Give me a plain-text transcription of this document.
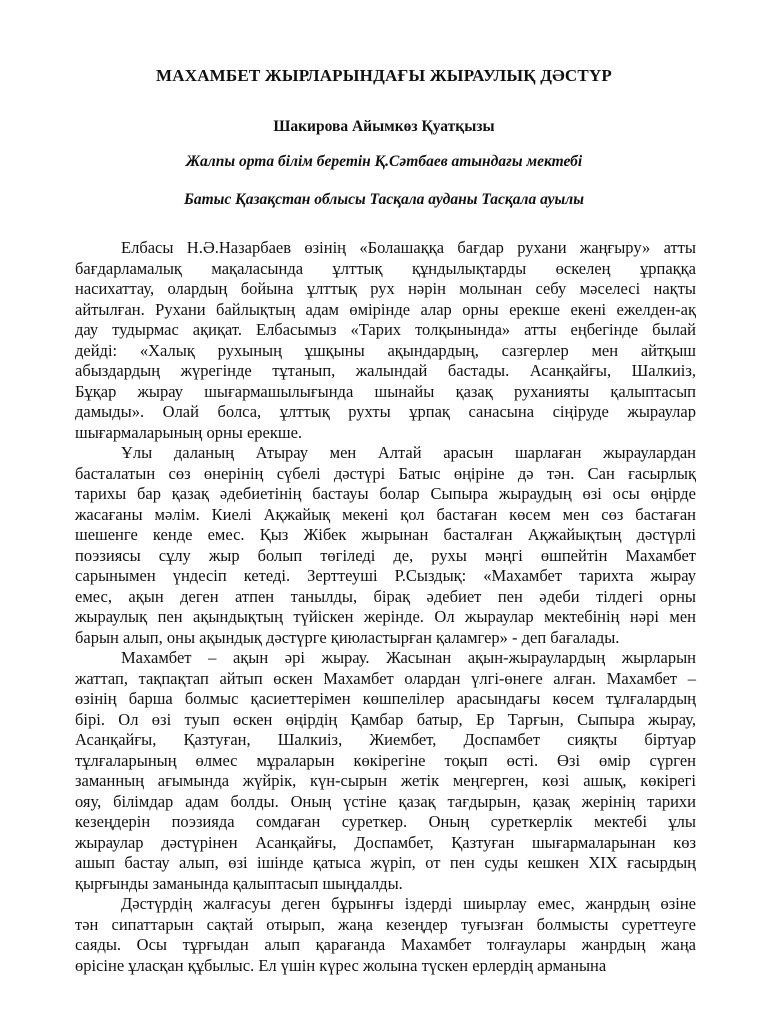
МАХАМБЕТ ЖЫРЛАРЫНДАҒЫ ЖЫРАУЛЫҚ ДӘСТҮР
Шакирова Айымкөз Қуатқызы
Жалпы орта білім беретін Қ.Сәтбаев атындағы мектебі
Батыс Қазақстан облысы Тасқала ауданы Тасқала ауылы
Елбасы Н.Ә.Назарбаев өзінің «Болашаққа бағдар рухани жаңғыру» атты
бағдарламалық мақаласында ұлттық құндылықтарды өскелең ұрпаққа
насихаттау, олардың бойына ұлттық рух нәрін молынан себу мәселесі нақты
айтылған. Рухани байлықтың адам өмірінде алар орны ерекше екені ежелден-ақ
дау тудырмас ақиқат. Елбасымыз «Тарих толқынында» атты еңбегінде былай
дейді: «Халық рухының ұшқыны ақындардың, сазгерлер мен айтқыш
абыздардың жүрегінде тұтанып, жалындай бастады. Асанқайғы, Шалкиіз,
Бұқар жырау шығармашылығында шынайы қазақ руханияты қалыптасып
дамыды». Олай болса, ұлттық рухты ұрпақ санасына сіңіруде жыраулар
шығармаларының орны ерекше.
Ұлы даланың Атырау мен Алтай арасын шарлаған жыраулардан
басталатын сөз өнерінің сүбелі дәстүрі Батыс өңіріне дә тән. Сан ғасырлық
тарихы бар қазақ әдебиетінің бастауы болар Сыпыра жыраудың өзі осы өңірде
жасағаны мәлім. Киелі Ақжайық мекені қол бастаған көсем мен сөз бастаған
шешенге кенде емес. Қыз Жібек жырынан басталған Ақжайықтың дәстүрлі
поэзиясы сұлу жыр болып төгіледі де, рухы мәңгі өшпейтін Махамбет
сарынымен үндесіп кетеді. Зерттеуші Р.Сыздық: «Махамбет тарихта жырау
емес, ақын деген атпен танылды, бірақ әдебиет пен әдеби тілдегі орны
жыраулық пен ақындықтың түйіскен жерінде. Ол жыраулар мектебінің нәрі мен
барын алып, оны ақындық дәстүрге қиюластырған қаламгер» - деп бағалады.
Махамбет – ақын әрі жырау. Жасынан ақын-жыраулардың жырларын
жаттап, тақпақтап айтып өскен Махамбет олардан үлгі-өнеге алған. Махамбет –
өзінің барша болмыс қасиеттерімен көшпелілер арасындағы көсем тұлғалардың
бірі. Ол өзі туып өскен өңірдің Қамбар батыр, Ер Тарғын, Сыпыра жырау,
Асанқайғы, Қазтуған, Шалкиіз, Жиембет, Доспамбет сияқты біртуар
тұлғаларының өлмес мұраларын көкірегіне тоқып өсті. Өзі өмір сүрген
заманның ағымында жүйрік, күн-сырын жетік меңгерген, көзі ашық, көкірегі
ояу, білімдар адам болды. Оның үстіне қазақ тағдырын, қазақ жерінің тарихи
кезеңдерін поэзияда сомдаған суреткер. Оның суреткерлік мектебі ұлы
жыраулар дәстүрінен Асанқайғы, Доспамбет, Қазтуған шығармаларынан көз
ашып бастау алып, өзі ішінде қатыса жүріп, от пен суды кешкен XIX ғасырдың
қырғынды заманында қалыптасып шыңдалды.
Дәстүрдің жалғасуы деген бұрынғы іздерді шиырлау емес, жанрдың өзіне
тән сипаттарын сақтай отырып, жаңа кезеңдер туғызған болмысты суреттеуге
саяды. Осы тұрғыдан алып қарағанда Махамбет толғаулары жанрдың жаңа
өрісіне ұласқан құбылыс. Ел үшін күрес жолына түскен ерлердің арманына
